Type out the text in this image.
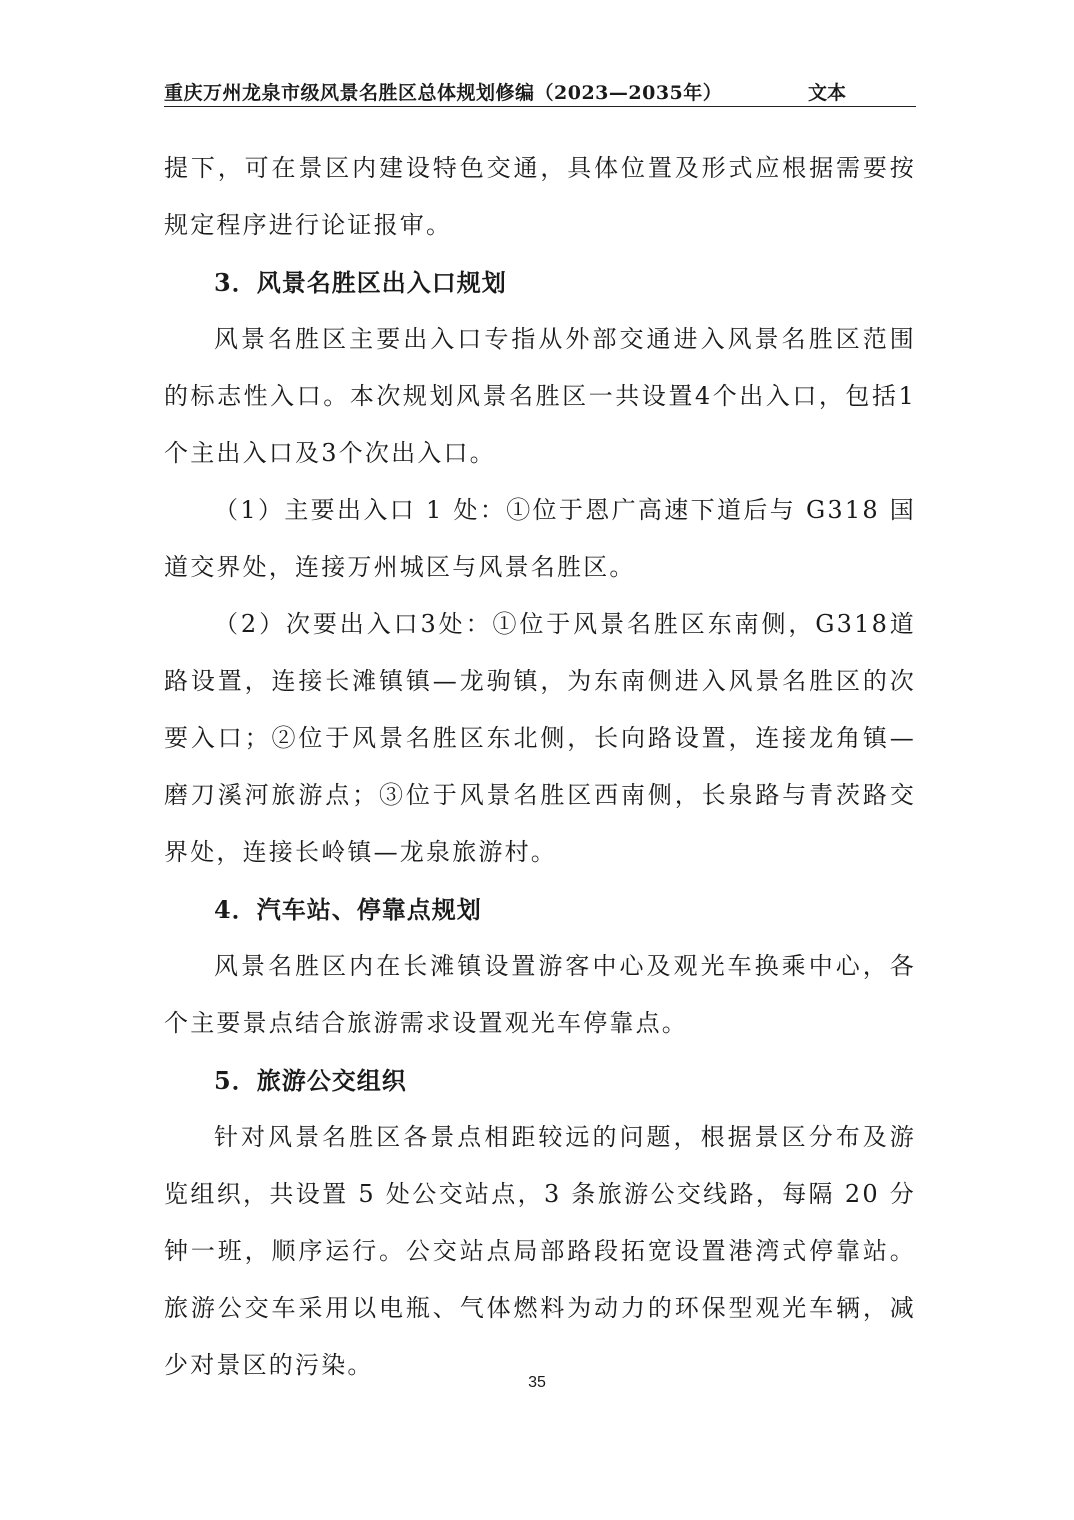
重庆万州龙泉市级风景名胜区总体规划修编（2023—2035年）	文本

提下，可在景区内建设特色交通，具体位置及形式应根据需要按规定程序进行论证报审。

3．风景名胜区出入口规划

风景名胜区主要出入口专指从外部交通进入风景名胜区范围的标志性入口。本次规划风景名胜区一共设置4个出入口，包括1个主出入口及3个次出入口。

（1）主要出入口 1 处：①位于恩广高速下道后与 G318 国道交界处，连接万州城区与风景名胜区。

（2）次要出入口3处：①位于风景名胜区东南侧，G318道路设置，连接长滩镇镇—龙驹镇，为东南侧进入风景名胜区的次要入口；②位于风景名胜区东北侧，长向路设置，连接龙角镇—磨刀溪河旅游点；③位于风景名胜区西南侧，长泉路与青茨路交界处，连接长岭镇—龙泉旅游村。

4．汽车站、停靠点规划

风景名胜区内在长滩镇设置游客中心及观光车换乘中心，各个主要景点结合旅游需求设置观光车停靠点。

5．旅游公交组织

针对风景名胜区各景点相距较远的问题，根据景区分布及游览组织，共设置 5 处公交站点，3 条旅游公交线路，每隔 20 分钟一班，顺序运行。公交站点局部路段拓宽设置港湾式停靠站。旅游公交车采用以电瓶、气体燃料为动力的环保型观光车辆，减少对景区的污染。

35
